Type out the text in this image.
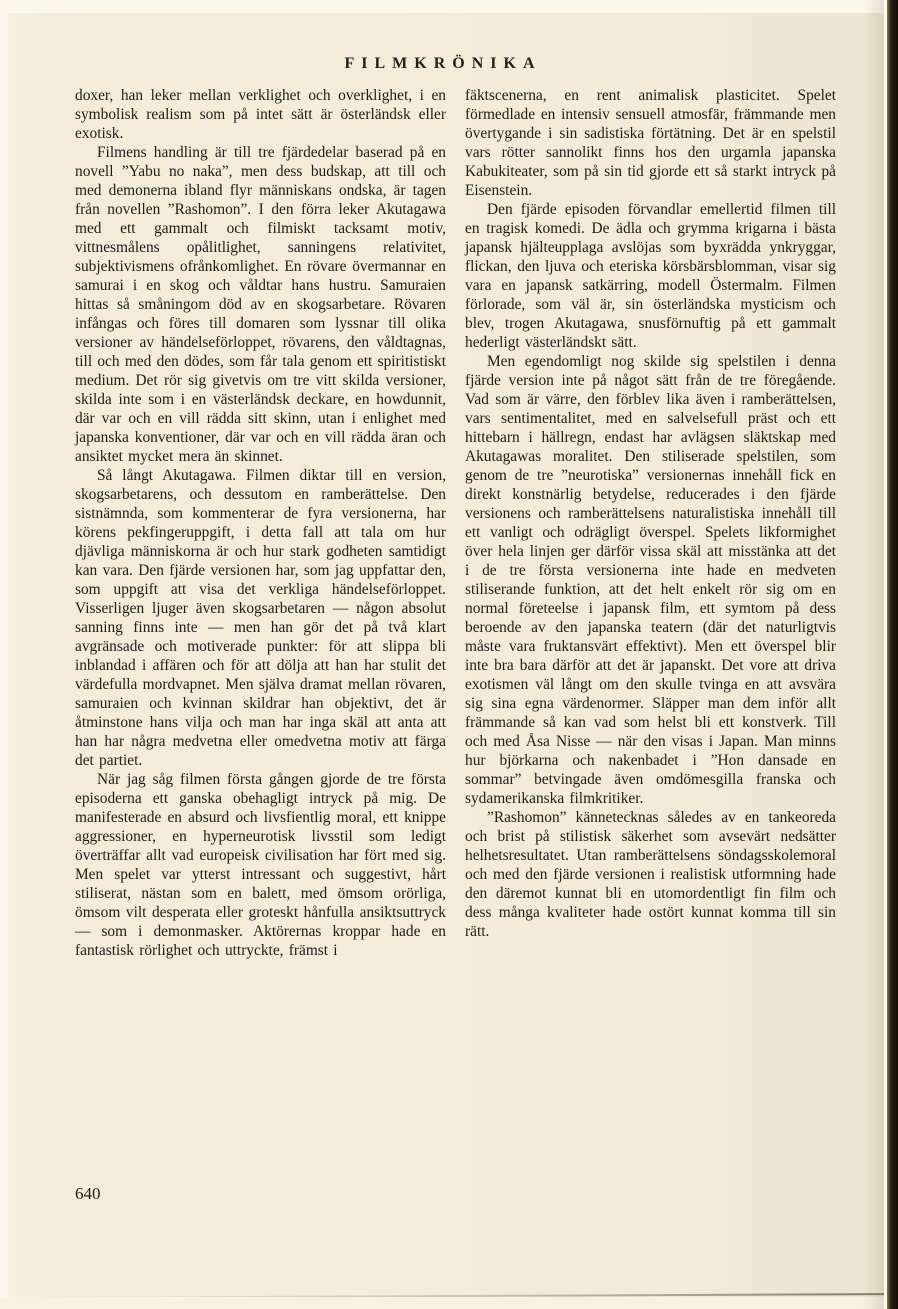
FILMKRÖNIKA

doxer, han leker mellan verklighet och overklighet, i en symbolisk realism som på intet sätt är österländsk eller exotisk.

Filmens handling är till tre fjärdedelar baserad på en novell ”Yabu no naka”, men dess budskap, att till och med demonerna ibland flyr människans ondska, är tagen från novellen ”Rashomon”. I den förra leker Akutagawa med ett gammalt och filmiskt tacksamt motiv, vittnesmålens opålitlighet, sanningens relativitet, subjektivismens ofrånkomlighet. En rövare övermannar en samurai i en skog och våldtar hans hustru. Samuraien hittas så småningom död av en skogsarbetare. Rövaren infångas och föres till domaren som lyssnar till olika versioner av händelseförloppet, rövarens, den våldtagnas, till och med den dödes, som får tala genom ett spiritistiskt medium. Det rör sig givetvis om tre vitt skilda versioner, skilda inte som i en västerländsk deckare, en howdunnit, där var och en vill rädda sitt skinn, utan i enlighet med japanska konventioner, där var och en vill rädda äran och ansiktet mycket mera än skinnet.

Så långt Akutagawa. Filmen diktar till en version, skogsarbetarens, och dessutom en ramberättelse. Den sistnämnda, som kommenterar de fyra versionerna, har körens pekfingeruppgift, i detta fall att tala om hur djävliga människorna är och hur stark godheten samtidigt kan vara. Den fjärde versionen har, som jag uppfattar den, som uppgift att visa det verkliga händelseförloppet. Visserligen ljuger även skogsarbetaren — någon absolut sanning finns inte — men han gör det på två klart avgränsade och motiverade punkter: för att slippa bli inblandad i affären och för att dölja att han har stulit det värdefulla mordvapnet. Men själva dramat mellan rövaren, samuraien och kvinnan skildrar han objektivt, det är åtminstone hans vilja och man har inga skäl att anta att han har några medvetna eller omedvetna motiv att färga det partiet.

När jag såg filmen första gången gjorde de tre första episoderna ett ganska obehagligt intryck på mig. De manifesterade en absurd och livsfientlig moral, ett knippe aggressioner, en hyperneurotisk livsstil som ledigt överträffar allt vad europeisk civilisation har fört med sig. Men spelet var ytterst intressant och suggestivt, hårt stiliserat, nästan som en balett, med ömsom orörliga, ömsom vilt desperata eller groteskt hånfulla ansiktsuttryck — som i demonmasker. Aktörernas kroppar hade en fantastisk rörlighet och uttryckte, främst i

fäktscenerna, en rent animalisk plasticitet. Spelet förmedlade en intensiv sensuell atmosfär, främmande men övertygande i sin sadistiska förtätning. Det är en spelstil vars rötter sannolikt finns hos den urgamla japanska Kabukiteater, som på sin tid gjorde ett så starkt intryck på Eisenstein.

Den fjärde episoden förvandlar emellertid filmen till en tragisk komedi. De ädla och grymma krigarna i bästa japansk hjälteupplaga avslöjas som byxrädda ynkryggar, flickan, den ljuva och eteriska körsbärsblomman, visar sig vara en japansk satkärring, modell Östermalm. Filmen förlorade, som väl är, sin österländska mysticism och blev, trogen Akutagawa, snusförnuftig på ett gammalt hederligt västerländskt sätt.

Men egendomligt nog skilde sig spelstilen i denna fjärde version inte på något sätt från de tre föregående. Vad som är värre, den förblev lika även i ramberättelsen, vars sentimentalitet, med en salvelsefull präst och ett hittebarn i hällregn, endast har avlägsen släktskap med Akutagawas moralitet. Den stiliserade spelstilen, som genom de tre ”neurotiska” versionernas innehåll fick en direkt konstnärlig betydelse, reducerades i den fjärde versionens och ramberättelsens naturalistiska innehåll till ett vanligt och odrägligt överspel. Spelets likformighet över hela linjen ger därför vissa skäl att misstänka att det i de tre första versionerna inte hade en medveten stiliserande funktion, att det helt enkelt rör sig om en normal företeelse i japansk film, ett symtom på dess beroende av den japanska teatern (där det naturligtvis måste vara fruktansvärt effektivt). Men ett överspel blir inte bra bara därför att det är japanskt. Det vore att driva exotismen väl långt om den skulle tvinga en att avsvära sig sina egna värdenormer. Släpper man dem inför allt främmande så kan vad som helst bli ett konstverk. Till och med Åsa Nisse — när den visas i Japan. Man minns hur björkarna och nakenbadet i ”Hon dansade en sommar” betvingade även omdömesgilla franska och sydamerikanska filmkritiker.

”Rashomon” kännetecknas således av en tankeoreda och brist på stilistisk säkerhet som avsevärt nedsätter helhetsresultatet. Utan ramberättelsens söndagsskolemoral och med den fjärde versionen i realistisk utformning hade den däremot kunnat bli en utomordentligt fin film och dess många kvaliteter hade ostört kunnat komma till sin rätt.

640
